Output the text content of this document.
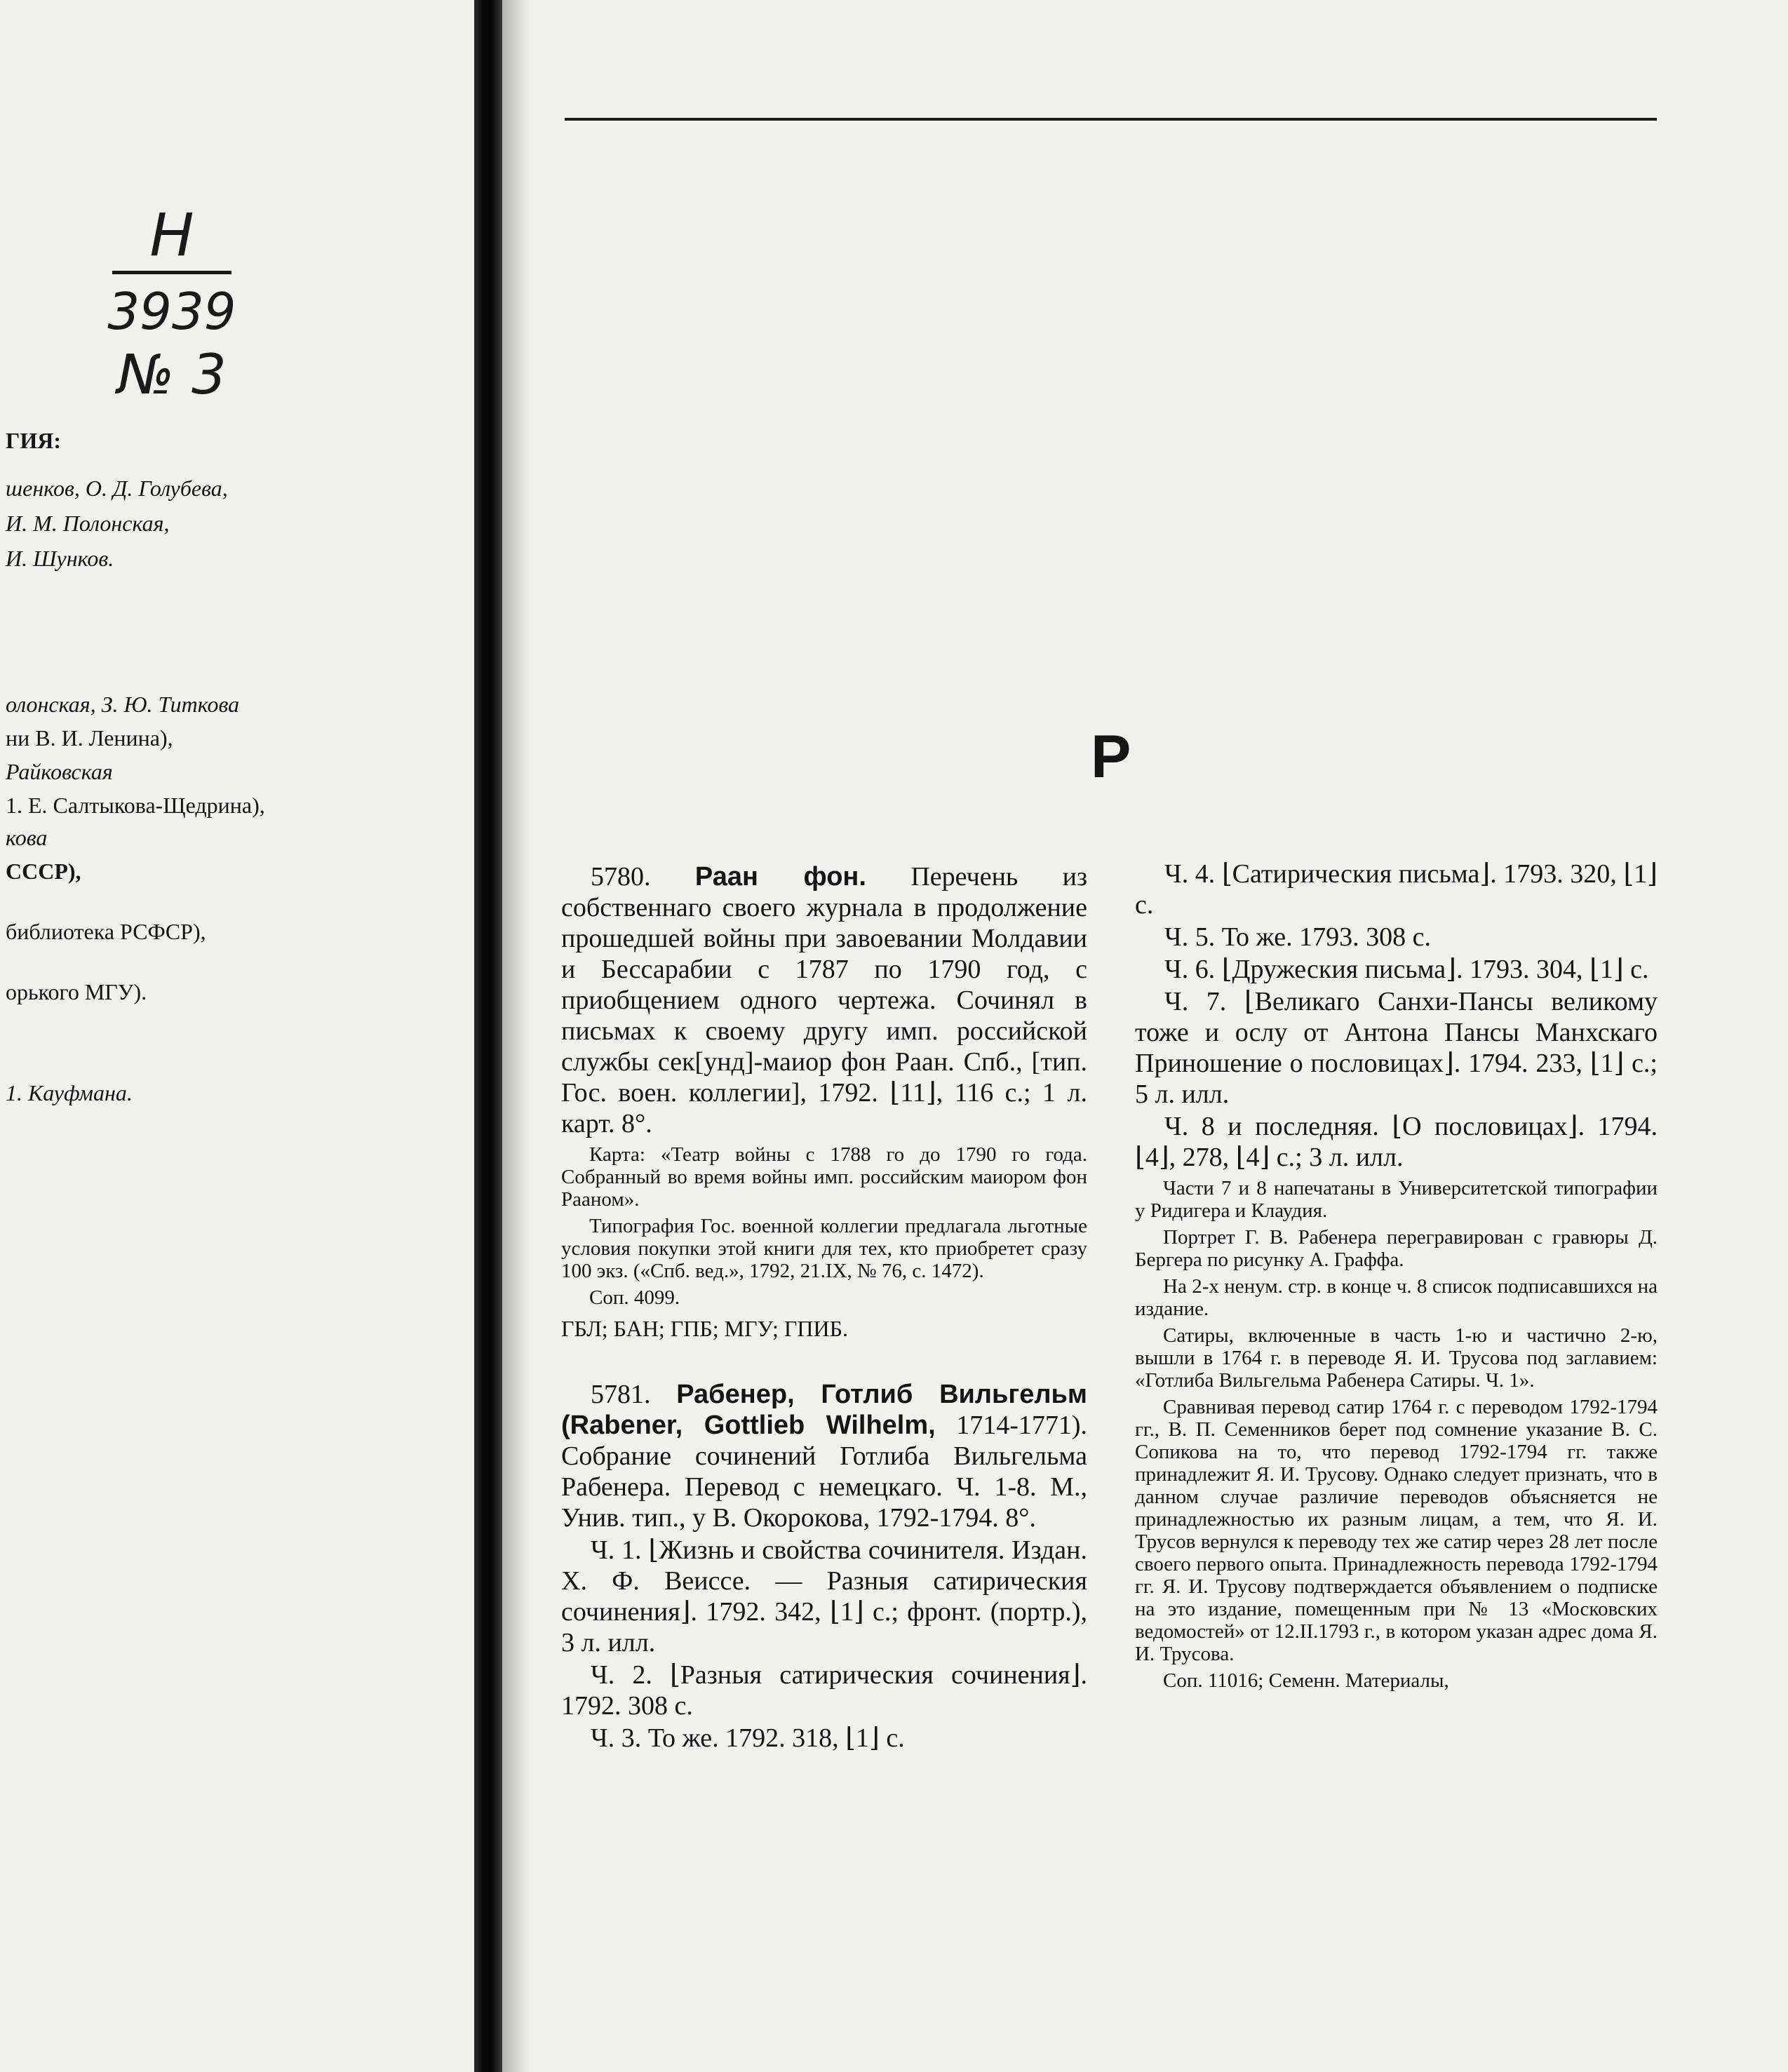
Н
3939
№ 3
ГИЯ:
шенков, О. Д. Голубева,
И. М. Полонская,
И. Шунков.
олонская, З. Ю. Титкова
ни В. И. Ленина),
Райковская
1. Е. Салтыкова-Щедрина),
кова
СССР),
библиотека РСФСР),
орького МГУ).
1. Кауфмана.
Р

5780. Раан фон. Перечень из собственнаго своего журнала в продолжение прошедшей войны при завоевании Молдавии и Бессарабии с 1787 по 1790 год, с приобщением одного чертежа. Сочинял в письмах к своему другу имп. российской службы сек[унд]-маиор фон Раан. Спб., [тип. Гос. воен. коллегии], 1792. ⌊11⌋, 116 с.; 1 л. карт. 8°.

Карта: «Театр войны с 1788 го до 1790 го года. Собранный во время войны имп. российским маиором фон Рааном».

Типография Гос. военной коллегии предлагала льготные условия покупки этой книги для тех, кто приобретет сразу 100 экз. («Спб. вед.», 1792, 21.IX, № 76, с. 1472).

Соп. 4099.

ГБЛ; БАН; ГПБ; МГУ; ГПИБ.

5781. Рабенер, Готлиб Вильгельм (Rabener, Gottlieb Wilhelm, 1714-1771). Собрание сочинений Готлиба Вильгельма Рабенера. Перевод с немецкаго. Ч. 1-8. М., Унив. тип., у В. Окорокова, 1792-1794. 8°.

Ч. 1. ⌊Жизнь и свойства сочинителя. Издан. Х. Ф. Веиссе. — Разныя сатирическия сочинения⌋. 1792. 342, ⌊1⌋ с.; фронт. (портр.), 3 л. илл.

Ч. 2. ⌊Разныя сатирическия сочинения⌋. 1792. 308 с.

Ч. 3. То же. 1792. 318, ⌊1⌋ с.

Ч. 4. ⌊Сатирическия письма⌋. 1793. 320, ⌊1⌋ с.

Ч. 5. То же. 1793. 308 с.

Ч. 6. ⌊Дружеския письма⌋. 1793. 304, ⌊1⌋ с.

Ч. 7. ⌊Великаго Санхи-Пансы великому тоже и ослу от Антона Пансы Манхскаго Приношение о пословицах⌋. 1794. 233, ⌊1⌋ с.; 5 л. илл.

Ч. 8 и последняя. ⌊О пословицах⌋. 1794. ⌊4⌋, 278, ⌊4⌋ с.; 3 л. илл.

Части 7 и 8 напечатаны в Университетской типографии у Ридигера и Клаудия.

Портрет Г. В. Рабенера перегравирован с гравюры Д. Бергера по рисунку А. Граффа.

На 2-х ненум. стр. в конце ч. 8 список подписавшихся на издание.

Сатиры, включенные в часть 1-ю и частично 2-ю, вышли в 1764 г. в переводе Я. И. Трусова под заглавием: «Готлиба Вильгельма Рабенера Сатиры. Ч. 1».

Сравнивая перевод сатир 1764 г. с переводом 1792-1794 гг., В. П. Семенников берет под сомнение указание В. С. Сопикова на то, что перевод 1792-1794 гг. также принадлежит Я. И. Трусову. Однако следует признать, что в данном случае различие переводов объясняется не принадлежностью их разным лицам, а тем, что Я. И. Трусов вернулся к переводу тех же сатир через 28 лет после своего первого опыта. Принадлежность перевода 1792-1794 гг. Я. И. Трусову подтверждается объявлением о подписке на это издание, помещенным при № 13 «Московских ведомостей» от 12.II.1793 г., в котором указан адрес дома Я. И. Трусова.

Соп. 11016; Семенн. Материалы,
